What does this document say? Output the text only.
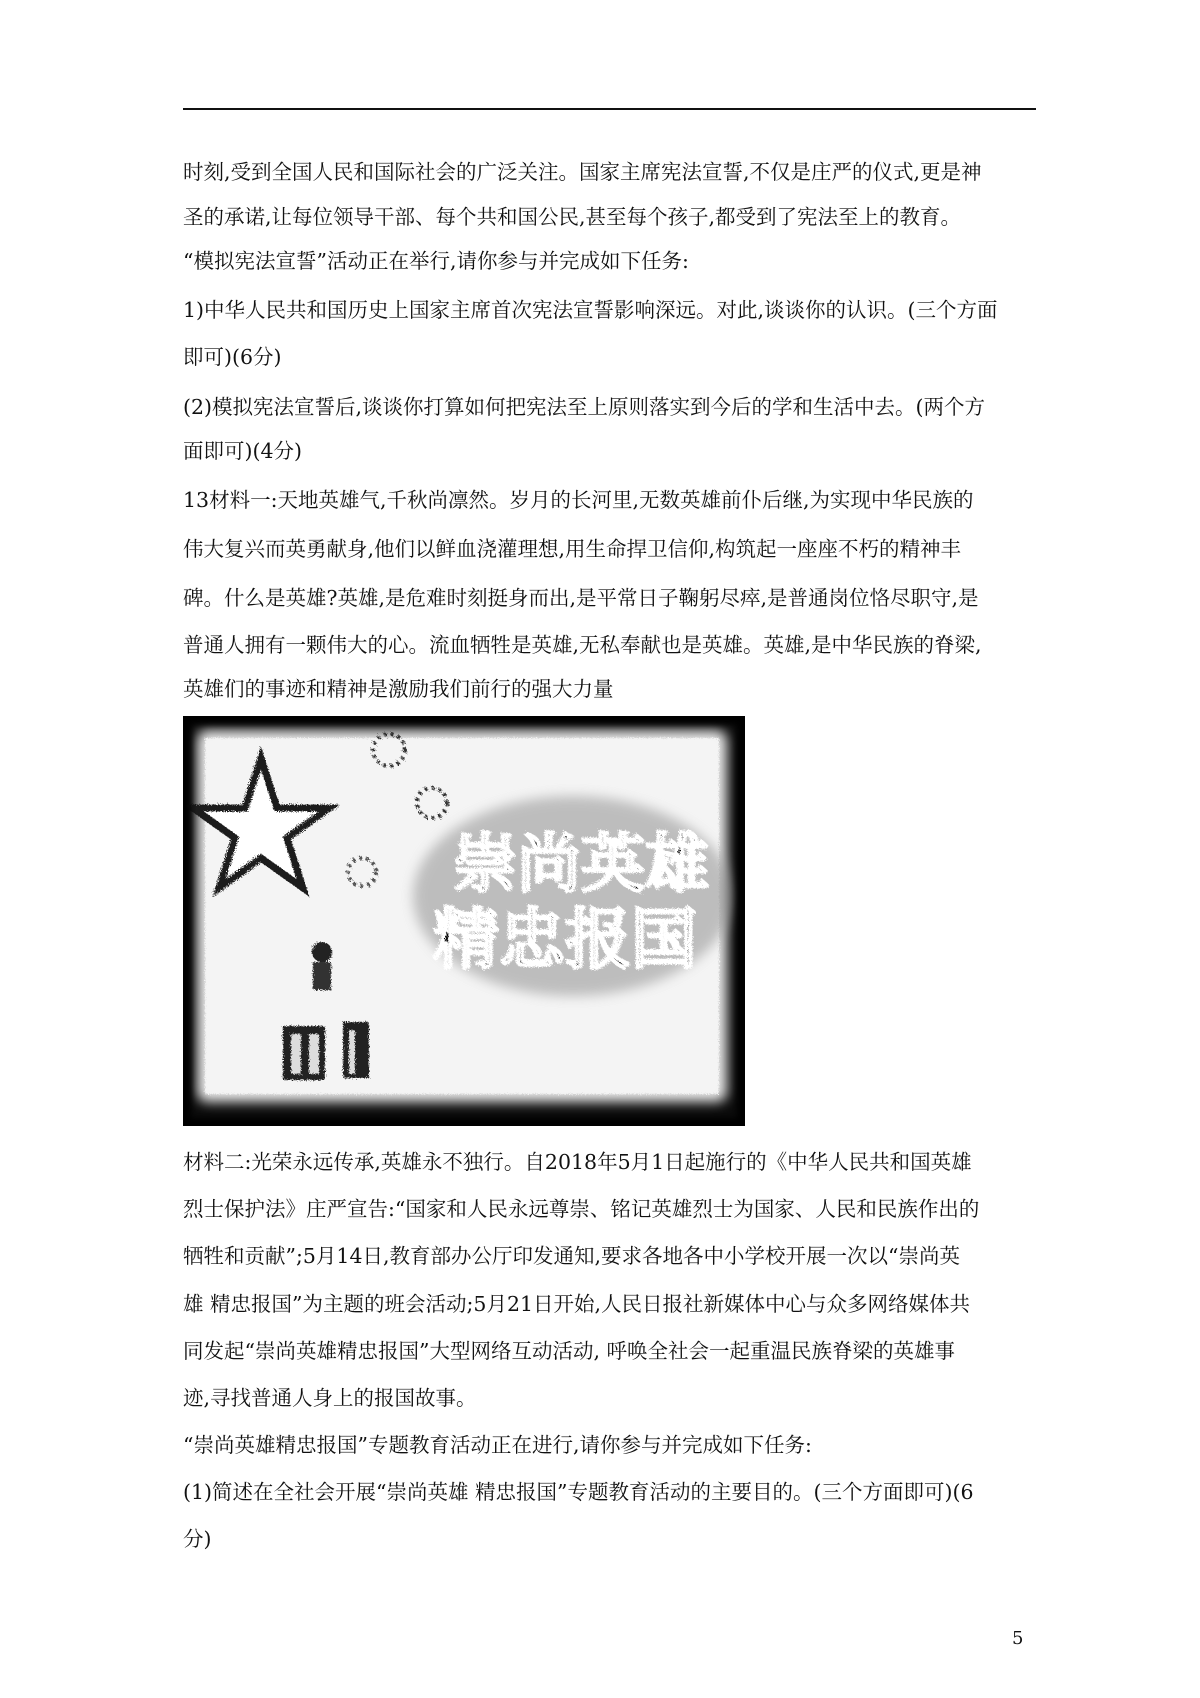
时刻,受到全国人民和国际社会的广泛关注。国家主席宪法宣誓,不仅是庄严的仪式,更是神
圣的承诺,让每位领导干部、每个共和国公民,甚至每个孩子,都受到了宪法至上的教育。
“模拟宪法宣誓”活动正在举行,请你参与并完成如下任务:
1)中华人民共和国历史上国家主席首次宪法宣誓影响深远。对此,谈谈你的认识。(三个方面
即可)(6分)
(2)模拟宪法宣誓后,谈谈你打算如何把宪法至上原则落实到今后的学和生活中去。(两个方
面即可)(4分)
13材料一:天地英雄气,千秋尚凛然。岁月的长河里,无数英雄前仆后继,为实现中华民族的
伟大复兴而英勇献身,他们以鲜血浇灌理想,用生命捍卫信仰,构筑起一座座不朽的精神丰
碑。什么是英雄?英雄,是危难时刻挺身而出,是平常日子鞠躬尽瘁,是普通岗位恪尽职守,是
普通人拥有一颗伟大的心。流血牺牲是英雄,无私奉献也是英雄。英雄,是中华民族的脊梁,
英雄们的事迹和精神是激励我们前行的强大力量
崇尚英雄
精忠报国
材料二:光荣永远传承,英雄永不独行。自2018年5月1日起施行的《中华人民共和国英雄
烈士保护法》庄严宣告:“国家和人民永远尊崇、铭记英雄烈士为国家、人民和民族作出的
牺牲和贡献”;5月14日,教育部办公厅印发通知,要求各地各中小学校开展一次以“崇尚英
雄 精忠报国”为主题的班会活动;5月21日开始,人民日报社新媒体中心与众多网络媒体共
同发起“崇尚英雄精忠报国”大型网络互动活动, 呼唤全社会一起重温民族脊梁的英雄事
迹,寻找普通人身上的报国故事。
“崇尚英雄精忠报国”专题教育活动正在进行,请你参与并完成如下任务:
(1)简述在全社会开展“崇尚英雄 精忠报国”专题教育活动的主要目的。(三个方面即可)(6
分)
5
